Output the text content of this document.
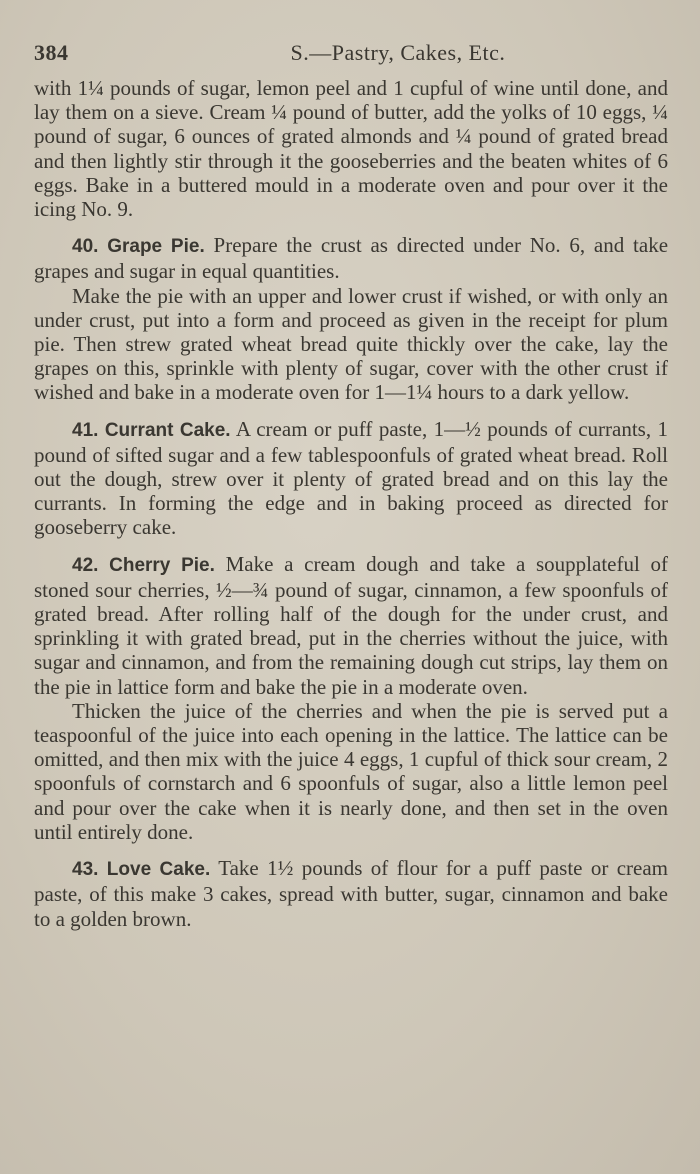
384	S.—Pastry, Cakes, Etc.

with 1¼ pounds of sugar, lemon peel and 1 cupful of wine until done, and lay them on a sieve. Cream ¼ pound of butter, add the yolks of 10 eggs, ¼ pound of sugar, 6 ounces of grated almonds and ¼ pound of grated bread and then lightly stir through it the gooseberries and the beaten whites of 6 eggs. Bake in a buttered mould in a moderate oven and pour over it the icing No. 9.

40. Grape Pie. Prepare the crust as directed under No. 6, and take grapes and sugar in equal quantities.

Make the pie with an upper and lower crust if wished, or with only an under crust, put into a form and proceed as given in the receipt for plum pie. Then strew grated wheat bread quite thickly over the cake, lay the grapes on this, sprinkle with plenty of sugar, cover with the other crust if wished and bake in a moderate oven for 1—1¼ hours to a dark yellow.

41. Currant Cake. A cream or puff paste, 1—½ pounds of currants, 1 pound of sifted sugar and a few tablespoonfuls of grated wheat bread. Roll out the dough, strew over it plenty of grated bread and on this lay the currants. In forming the edge and in baking proceed as directed for gooseberry cake.

42. Cherry Pie. Make a cream dough and take a soupplateful of stoned sour cherries, ½—¾ pound of sugar, cinnamon, a few spoonfuls of grated bread. After rolling half of the dough for the under crust, and sprinkling it with grated bread, put in the cherries without the juice, with sugar and cinnamon, and from the remaining dough cut strips, lay them on the pie in lattice form and bake the pie in a moderate oven.

Thicken the juice of the cherries and when the pie is served put a teaspoonful of the juice into each opening in the lattice. The lattice can be omitted, and then mix with the juice 4 eggs, 1 cupful of thick sour cream, 2 spoonfuls of cornstarch and 6 spoonfuls of sugar, also a little lemon peel and pour over the cake when it is nearly done, and then set in the oven until entirely done.

43. Love Cake. Take 1½ pounds of flour for a puff paste or cream paste, of this make 3 cakes, spread with butter, sugar, cinnamon and bake to a golden brown.
